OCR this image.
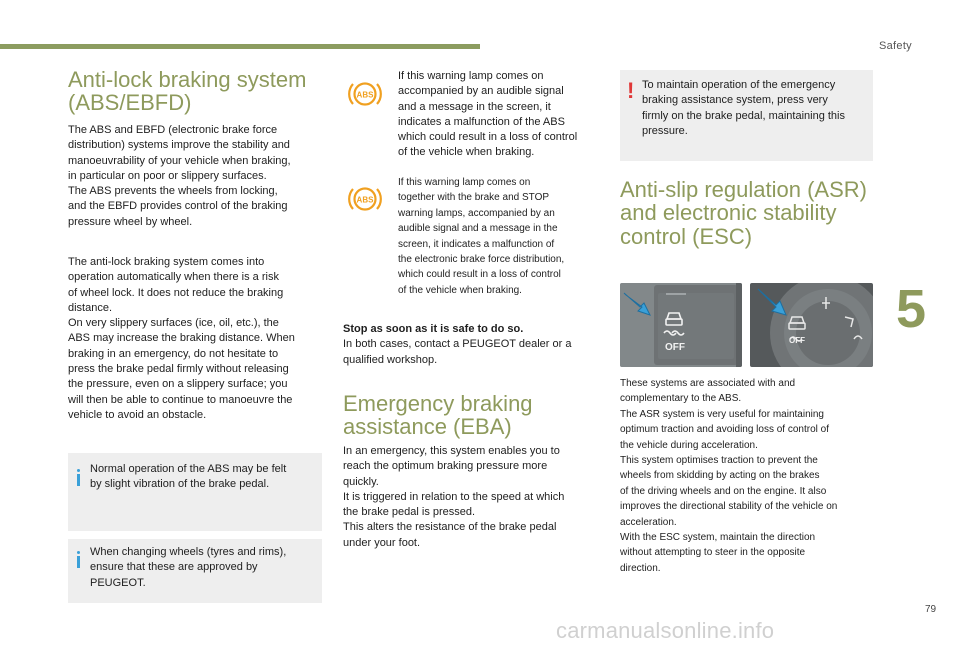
Safety
Anti-lock braking system
(ABS/EBFD)

The ABS and EBFD (electronic brake force

distribution) systems improve the stability and

manoeuvrability of your vehicle when braking,

in particular on poor or slippery surfaces.

The ABS prevents the wheels from locking,

and the EBFD provides control of the braking

pressure wheel by wheel.

The anti-lock braking system comes into

operation automatically when there is a risk

of wheel lock. It does not reduce the braking

distance.

On very slippery surfaces (ice, oil, etc.), the

ABS may increase the braking distance. When

braking in an emergency, do not hesitate to

press the brake pedal firmly without releasing

the pressure, even on a slippery surface; you

will then be able to continue to manoeuvre the

vehicle to avoid an obstacle.

Normal operation of the ABS may be felt

by slight vibration of the brake pedal.

When changing wheels (tyres and rims),

ensure that these are approved by

PEUGEOT.

ABS

If this warning lamp comes on

accompanied by an audible signal

and a message in the screen, it

indicates a malfunction of the ABS

which could result in a loss of control

of the vehicle when braking.

ABS

If this warning lamp comes on

together with the brake and STOP

warning lamps, accompanied by an

audible signal and a message in the

screen, it indicates a malfunction of

the electronic brake force distribution,

which could result in a loss of control

of the vehicle when braking.

Stop as soon as it is safe to do so.

In both cases, contact a PEUGEOT dealer or a

qualified workshop.

Emergency braking
assistance (EBA)

In an emergency, this system enables you to

reach the optimum braking pressure more

quickly.

It is triggered in relation to the speed at which

the brake pedal is pressed.

This alters the resistance of the brake pedal

under your foot.

! To maintain operation of the emergency

braking assistance system, press very

firmly on the brake pedal, maintaining this

pressure.

Anti-slip regulation (ASR)
and electronic stability
control (ESC)
OFF
OFF

These systems are associated with and

complementary to the ABS.

The ASR system is very useful for maintaining

optimum traction and avoiding loss of control of

the vehicle during acceleration.

This system optimises traction to prevent the

wheels from skidding by acting on the brakes

of the driving wheels and on the engine. It also

improves the directional stability of the vehicle on

acceleration.

With the ESC system, maintain the direction

without attempting to steer in the opposite

direction.

5
79
carmanualsonline.info
